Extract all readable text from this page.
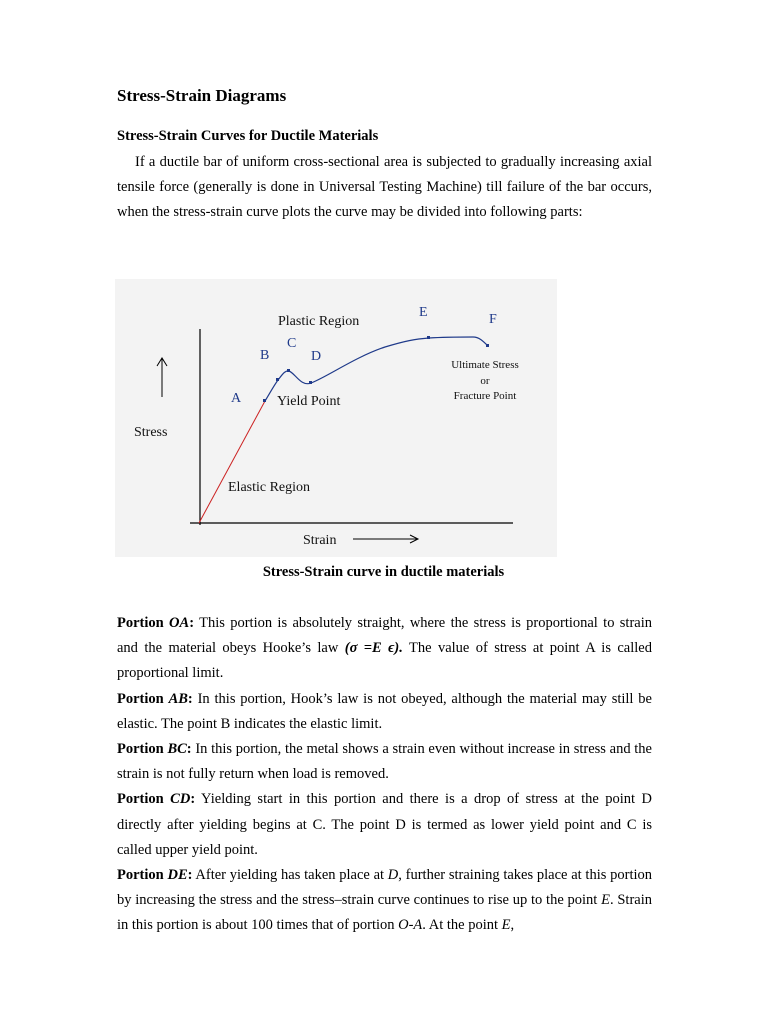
Stress-Strain Diagrams
Stress-Strain Curves for Ductile Materials

If a ductile bar of uniform cross-sectional area is subjected to gradually increasing axial tensile force (generally is done in Universal Testing Machine) till failure of the bar occurs, when the stress-strain curve plots the curve may be divided into following parts:

Plastic Region
Elastic Region
Yield Point
Stress
Strain
Ultimate Stress
or
Fracture Point
A
B
C
D
E	F

Stress-Strain curve in ductile materials

Portion OA: This portion is absolutely straight, where the stress is proportional to strain and the material obeys Hooke’s law (σ =E ϵ). The value of stress at point A is called proportional limit.

Portion AB: In this portion, Hook’s law is not obeyed, although the material may still be elastic. The point B indicates the elastic limit.

Portion BC: In this portion, the metal shows a strain even without increase in stress and the strain is not fully return when load is removed.

Portion CD: Yielding start in this portion and there is a drop of stress at the point D directly after yielding begins at C. The point D is termed as lower yield point and C is called upper yield point.

Portion DE: After yielding has taken place at D, further straining takes place at this portion by increasing the stress and the stress–strain curve continues to rise up to the point E. Strain in this portion is about 100 times that of portion O-A. At the point E,
